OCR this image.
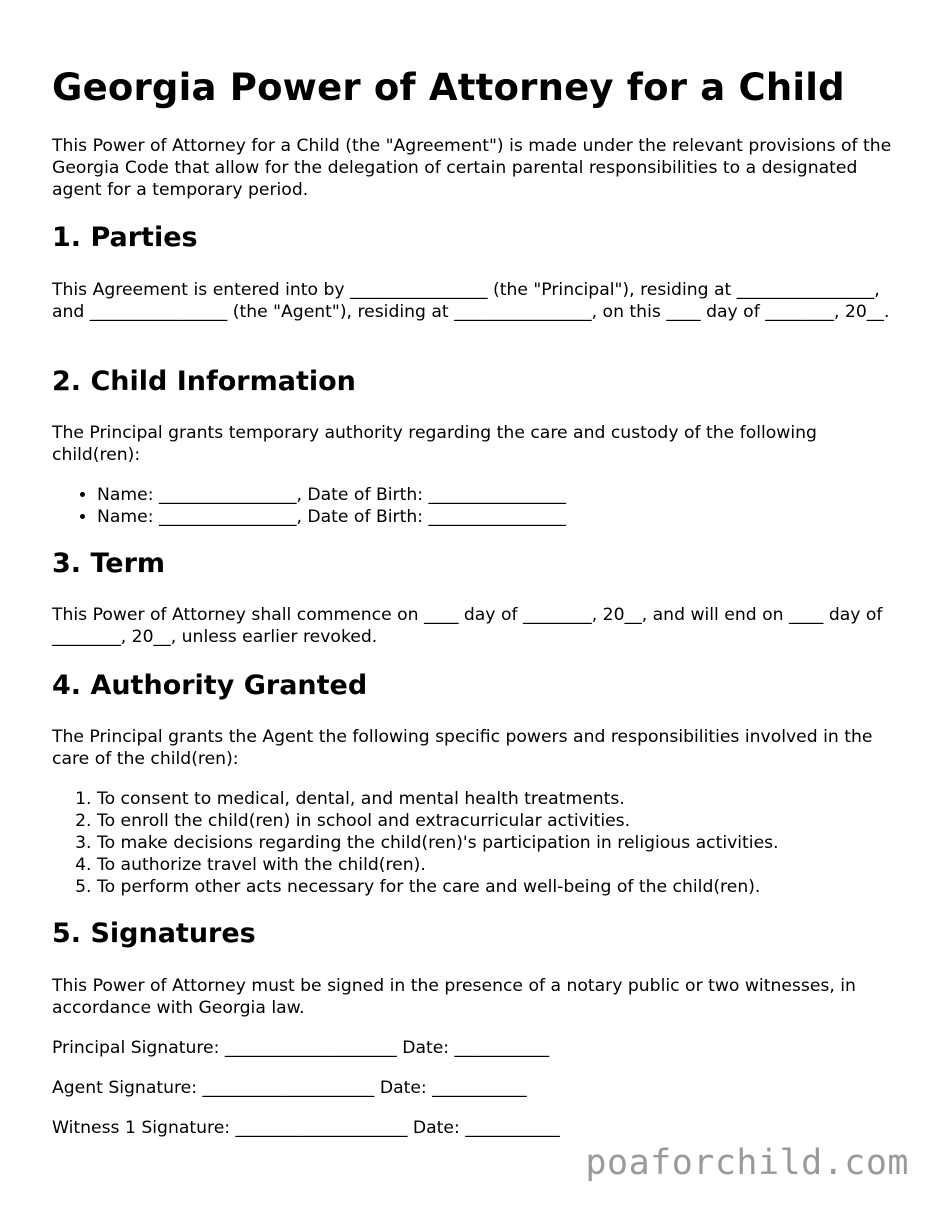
Georgia Power of Attorney for a Child

This Power of Attorney for a Child (the "Agreement") is made under the relevant provisions of the Georgia Code that allow for the delegation of certain parental responsibilities to a designated agent for a temporary period.

1. Parties

This Agreement is entered into by ________________ (the "Principal"), residing at ________________, and ________________ (the "Agent"), residing at ________________, on this ____ day of ________, 20__.

2. Child Information

The Principal grants temporary authority regarding the care and custody of the following child(ren):

• Name: ________________, Date of Birth: ________________
• Name: ________________, Date of Birth: ________________
3. Term

This Power of Attorney shall commence on ____ day of ________, 20__, and will end on ____ day of ________, 20__, unless earlier revoked.

4. Authority Granted

The Principal grants the Agent the following specific powers and responsibilities involved in the care of the child(ren):

1. To consent to medical, dental, and mental health treatments.
2. To enroll the child(ren) in school and extracurricular activities.
3. To make decisions regarding the child(ren)'s participation in religious activities.
4. To authorize travel with the child(ren).
5. To perform other acts necessary for the care and well-being of the child(ren).
5. Signatures

This Power of Attorney must be signed in the presence of a notary public or two witnesses, in accordance with Georgia law.

Principal Signature: ____________________ Date: ___________
Agent Signature: ____________________ Date: ___________
Witness 1 Signature: ____________________ Date: ___________
poaforchild.com
